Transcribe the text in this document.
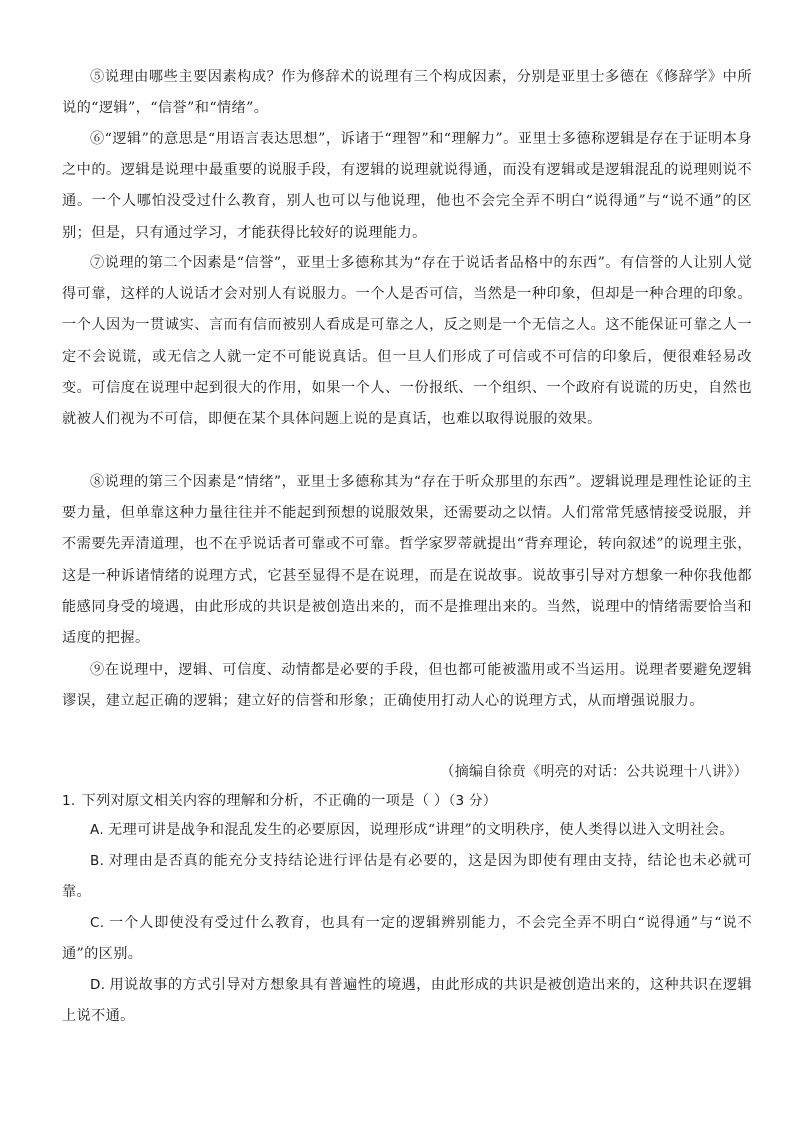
⑤说理由哪些主要因素构成？作为修辞术的说理有三个构成因素，分别是亚里士多德在《修辞学》中所说的“逻辑”，“信誉”和“情绪”。

⑥“逻辑”的意思是“用语言表达思想”，诉诸于“理智”和“理解力”。亚里士多德称逻辑是存在于证明本身之中的。逻辑是说理中最重要的说服手段，有逻辑的说理就说得通，而没有逻辑或是逻辑混乱的说理则说不通。一个人哪怕没受过什么教育，别人也可以与他说理，他也不会完全弄不明白“说得通”与“说不通”的区别；但是，只有通过学习，才能获得比较好的说理能力。

⑦说理的第二个因素是“信誉”，亚里士多德称其为“存在于说话者品格中的东西”。有信誉的人让别人觉得可靠，这样的人说话才会对别人有说服力。一个人是否可信，当然是一种印象，但却是一种合理的印象。一个人因为一贯诚实、言而有信而被别人看成是可靠之人，反之则是一个无信之人。这不能保证可靠之人一定不会说谎，或无信之人就一定不可能说真话。但一旦人们形成了可信或不可信的印象后，便很难轻易改变。可信度在说理中起到很大的作用，如果一个人、一份报纸、一个组织、一个政府有说谎的历史，自然也就被人们视为不可信，即便在某个具体问题上说的是真话，也难以取得说服的效果。

⑧说理的第三个因素是“情绪”，亚里士多德称其为“存在于听众那里的东西”。逻辑说理是理性论证的主要力量，但单靠这种力量往往并不能起到预想的说服效果，还需要动之以情。人们常常凭感情接受说服，并不需要先弄清道理，也不在乎说话者可靠或不可靠。哲学家罗蒂就提出“背弃理论，转向叙述”的说理主张，这是一种诉诸情绪的说理方式，它甚至显得不是在说理，而是在说故事。说故事引导对方想象一种你我他都能感同身受的境遇，由此形成的共识是被创造出来的，而不是推理出来的。当然，说理中的情绪需要恰当和适度的把握。

⑨在说理中，逻辑、可信度、动情都是必要的手段，但也都可能被滥用或不当运用。说理者要避免逻辑谬误，建立起正确的逻辑；建立好的信誉和形象；正确使用打动人心的说理方式，从而增强说服力。

（摘编自徐贲《明亮的对话：公共说理十八讲》）
1. 下列对原文相关内容的理解和分析，不正确的一项是（ ）（3 分）

A. 无理可讲是战争和混乱发生的必要原因，说理形成“讲理”的文明秩序，使人类得以进入文明社会。

B. 对理由是否真的能充分支持结论进行评估是有必要的，这是因为即使有理由支持，结论也未必就可靠。

C. 一个人即使没有受过什么教育，也具有一定的逻辑辨别能力，不会完全弄不明白“说得通”与“说不通”的区别。

D. 用说故事的方式引导对方想象具有普遍性的境遇，由此形成的共识是被创造出来的，这种共识在逻辑上说不通。
